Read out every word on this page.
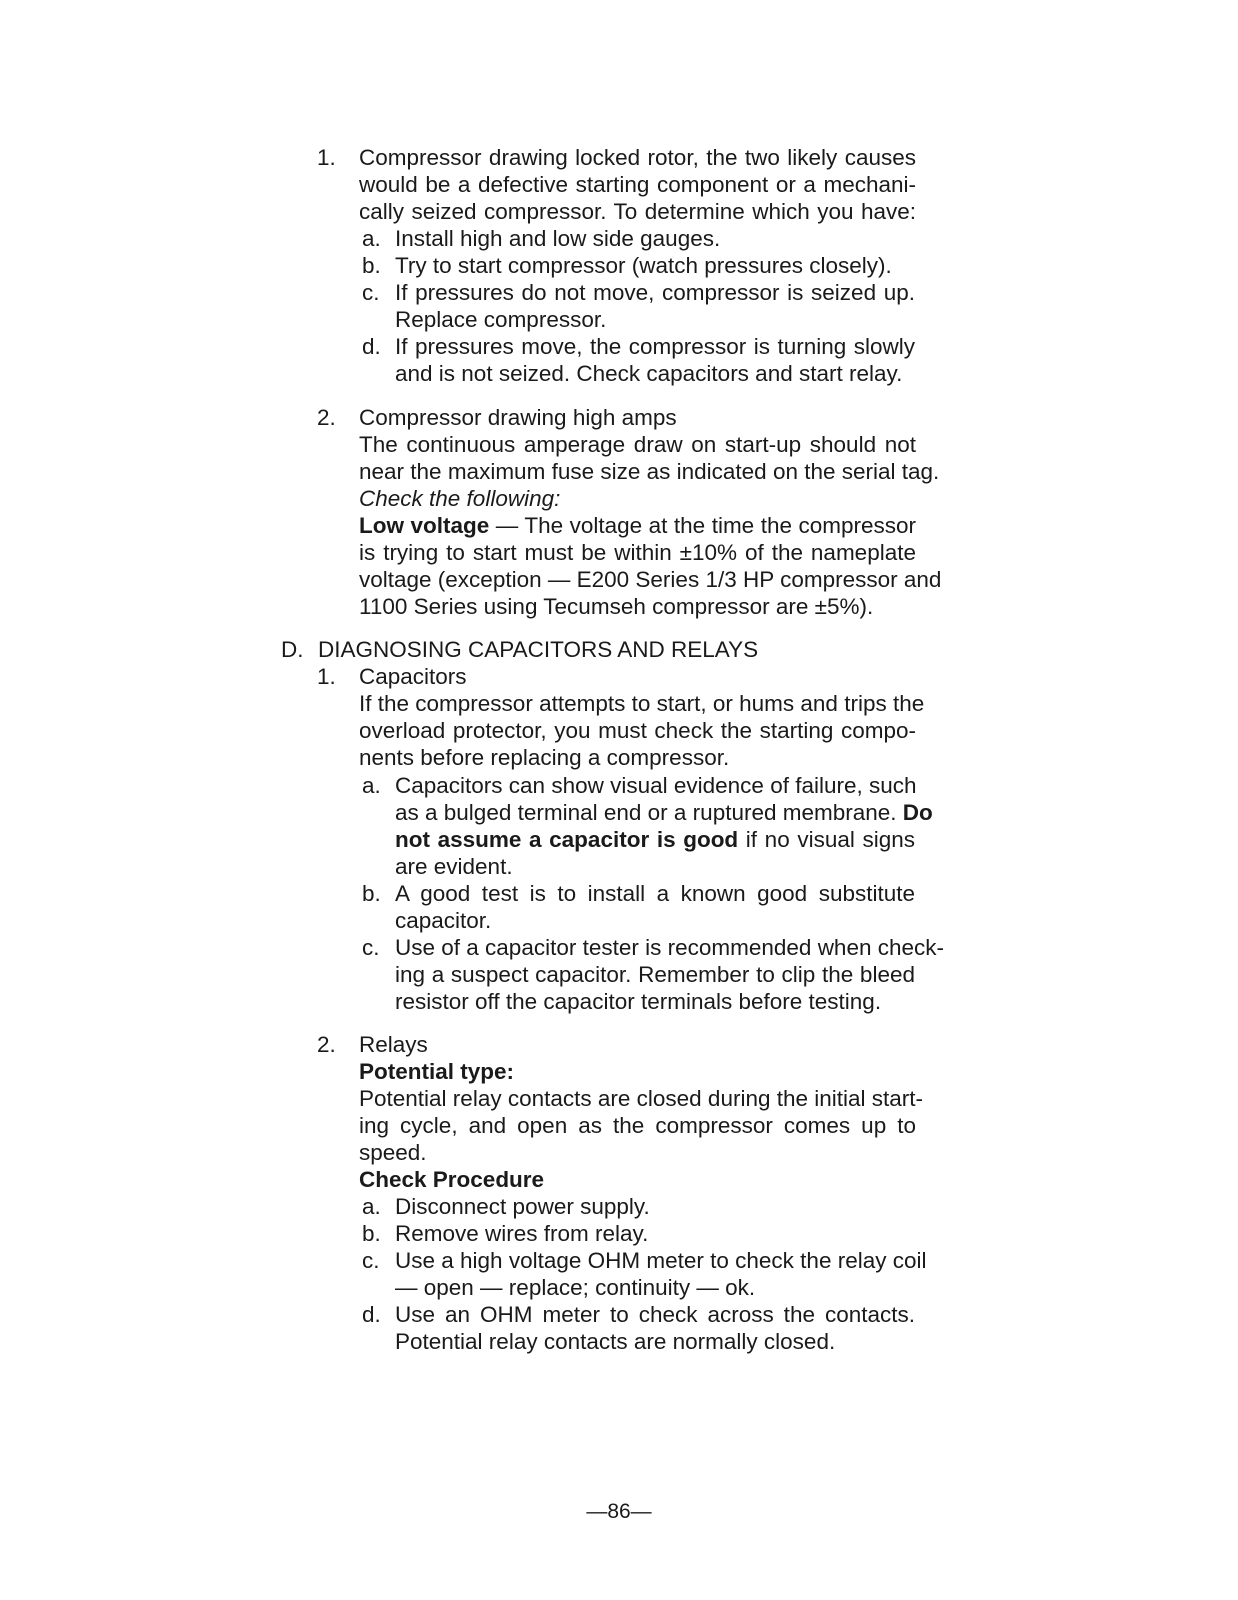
1. Compressor drawing locked rotor, the two likely causes
would be a defective starting component or a mechani-
cally seized compressor. To determine which you have:
a. Install high and low side gauges.
b. Try to start compressor (watch pressures closely).
c. If pressures do not move, compressor is seized up.
Replace compressor.
d. If pressures move, the compressor is turning slowly
and is not seized. Check capacitors and start relay.
2. Compressor drawing high amps
The continuous amperage draw on start-up should not
near the maximum fuse size as indicated on the serial tag.
Check the following:
Low voltage — The voltage at the time the compressor
is trying to start must be within ±10% of the nameplate
voltage (exception — E200 Series 1/3 HP compressor and
1100 Series using Tecumseh compressor are ±5%).
D. DIAGNOSING CAPACITORS AND RELAYS
1. Capacitors
If the compressor attempts to start, or hums and trips the
overload protector, you must check the starting compo-
nents before replacing a compressor.
a. Capacitors can show visual evidence of failure, such
as a bulged terminal end or a ruptured membrane. Do
not assume a capacitor is good if no visual signs
are evident.
b. A good test is to install a known good substitute
capacitor.
c. Use of a capacitor tester is recommended when check-
ing a suspect capacitor. Remember to clip the bleed
resistor off the capacitor terminals before testing.
2. Relays
Potential type:
Potential relay contacts are closed during the initial start-
ing cycle, and open as the compressor comes up to
speed.
Check Procedure
a. Disconnect power supply.
b. Remove wires from relay.
c. Use a high voltage OHM meter to check the relay coil
— open — replace; continuity — ok.
d. Use an OHM meter to check across the contacts.
Potential relay contacts are normally closed.
—86—
